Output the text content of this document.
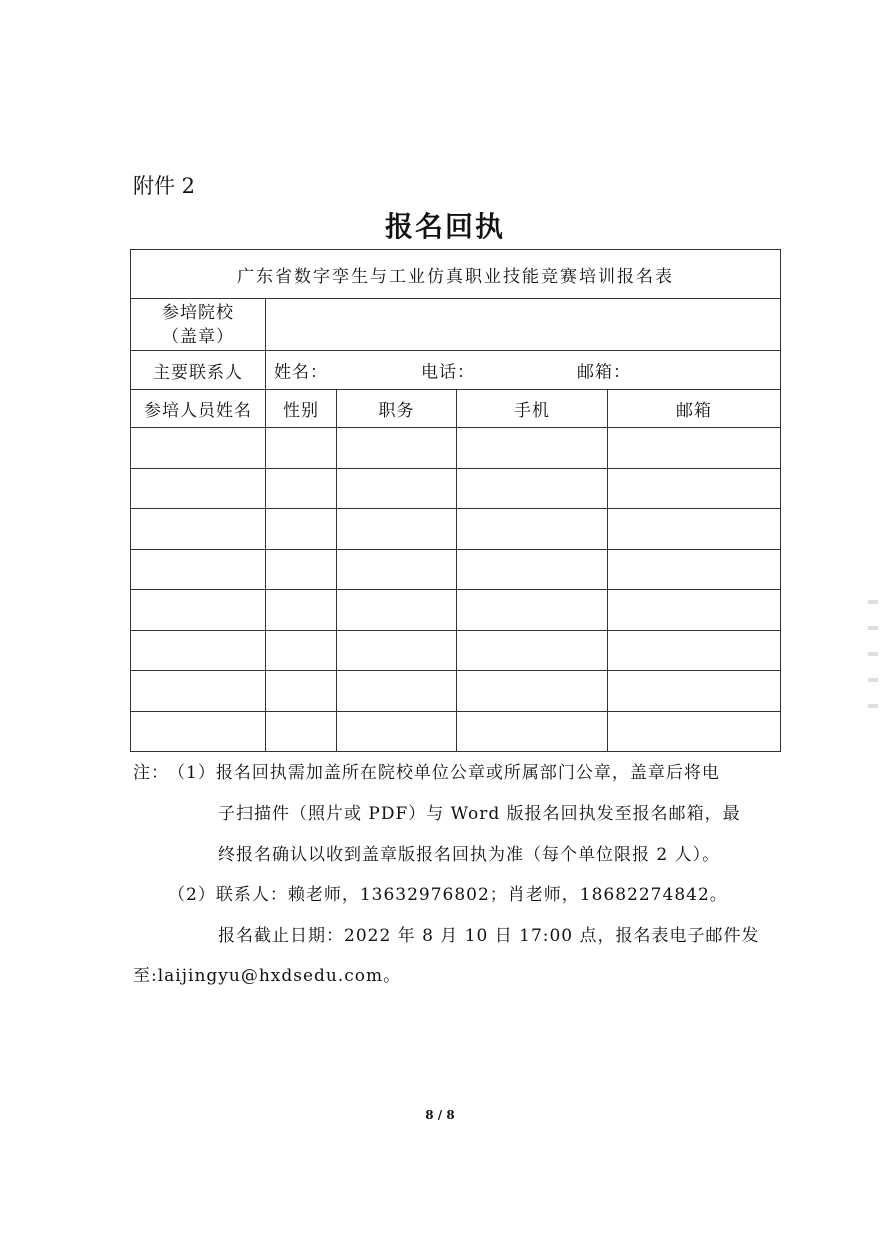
附件 2
报名回执
广东省数字孪生与工业仿真职业技能竞赛培训报名表				

参培院校
（盖章）				

主要联系人	姓名： 电话： 邮箱：			

参培人员姓名	性别	职务	手机	邮箱

注： （1）报名回执需加盖所在院校单位公章或所属部门公章，盖章后将电
子扫描件（照片或 PDF）与 Word 版报名回执发至报名邮箱，最
终报名确认以收到盖章版报名回执为准（每个单位限报 2 人）。
（2）联系人：赖老师，13632976802；肖老师，18682274842。
报名截止日期：2022 年 8 月 10 日 17:00 点，报名表电子邮件发
至:laijingyu@hxdsedu.com。
8 / 8
